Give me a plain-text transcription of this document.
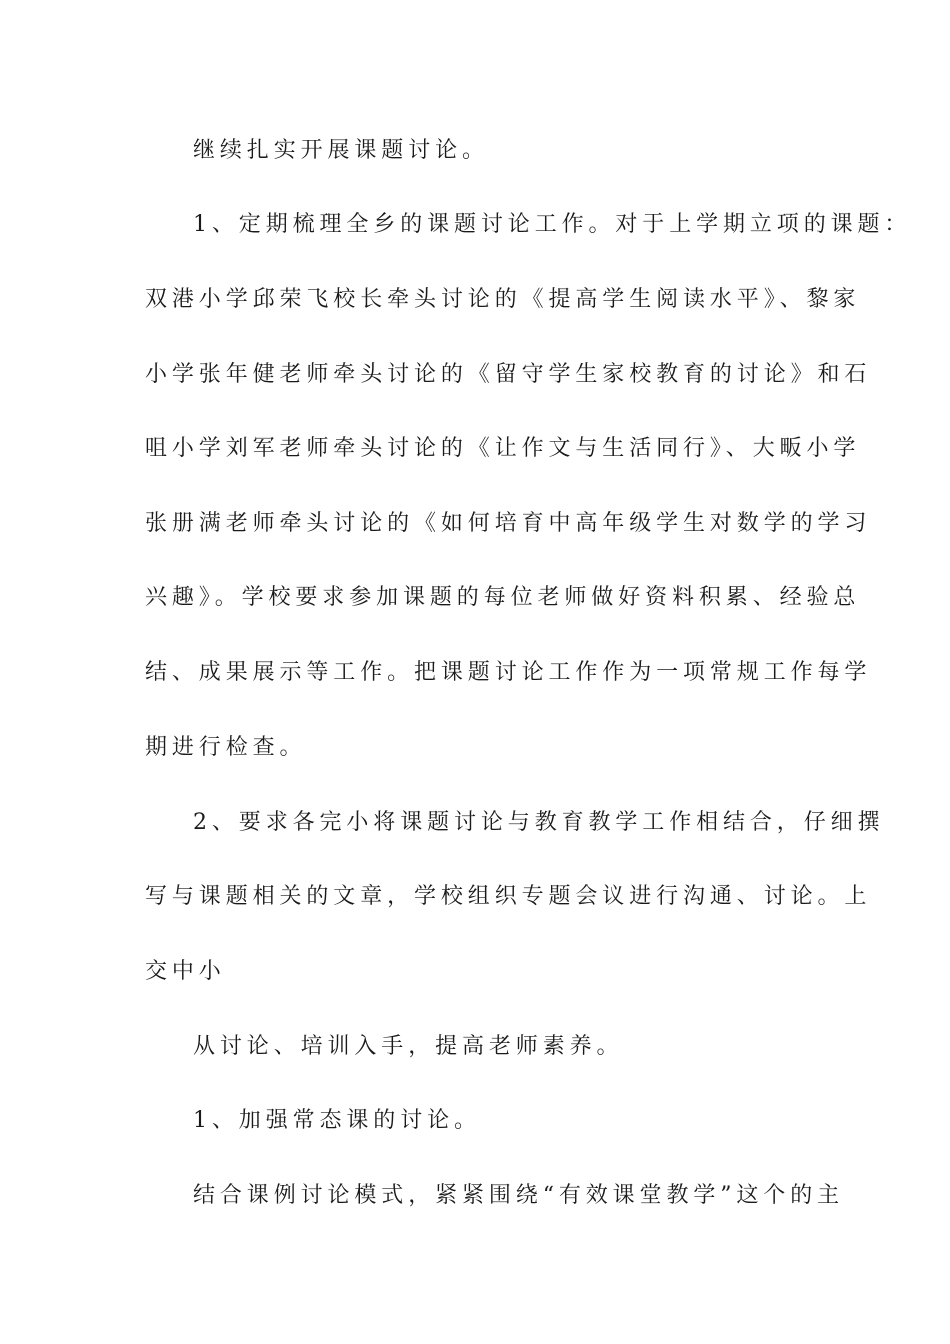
继续扎实开展课题讨论。
1、定期梳理全乡的课题讨论工作。对于上学期立项的课题：
双港小学邱荣飞校长牵头讨论的《提高学生阅读水平》、黎家
小学张年健老师牵头讨论的《留守学生家校教育的讨论》和石
咀小学刘军老师牵头讨论的《让作文与生活同行》、大畈小学
张册满老师牵头讨论的《如何培育中高年级学生对数学的学习
兴趣》。学校要求参加课题的每位老师做好资料积累、经验总
结、成果展示等工作。把课题讨论工作作为一项常规工作每学
期进行检查。
2、要求各完小将课题讨论与教育教学工作相结合，仔细撰
写与课题相关的文章，学校组织专题会议进行沟通、讨论。上
交中小
从讨论、培训入手，提高老师素养。
1、加强常态课的讨论。
结合课例讨论模式，紧紧围绕“有效课堂教学”这个的主
